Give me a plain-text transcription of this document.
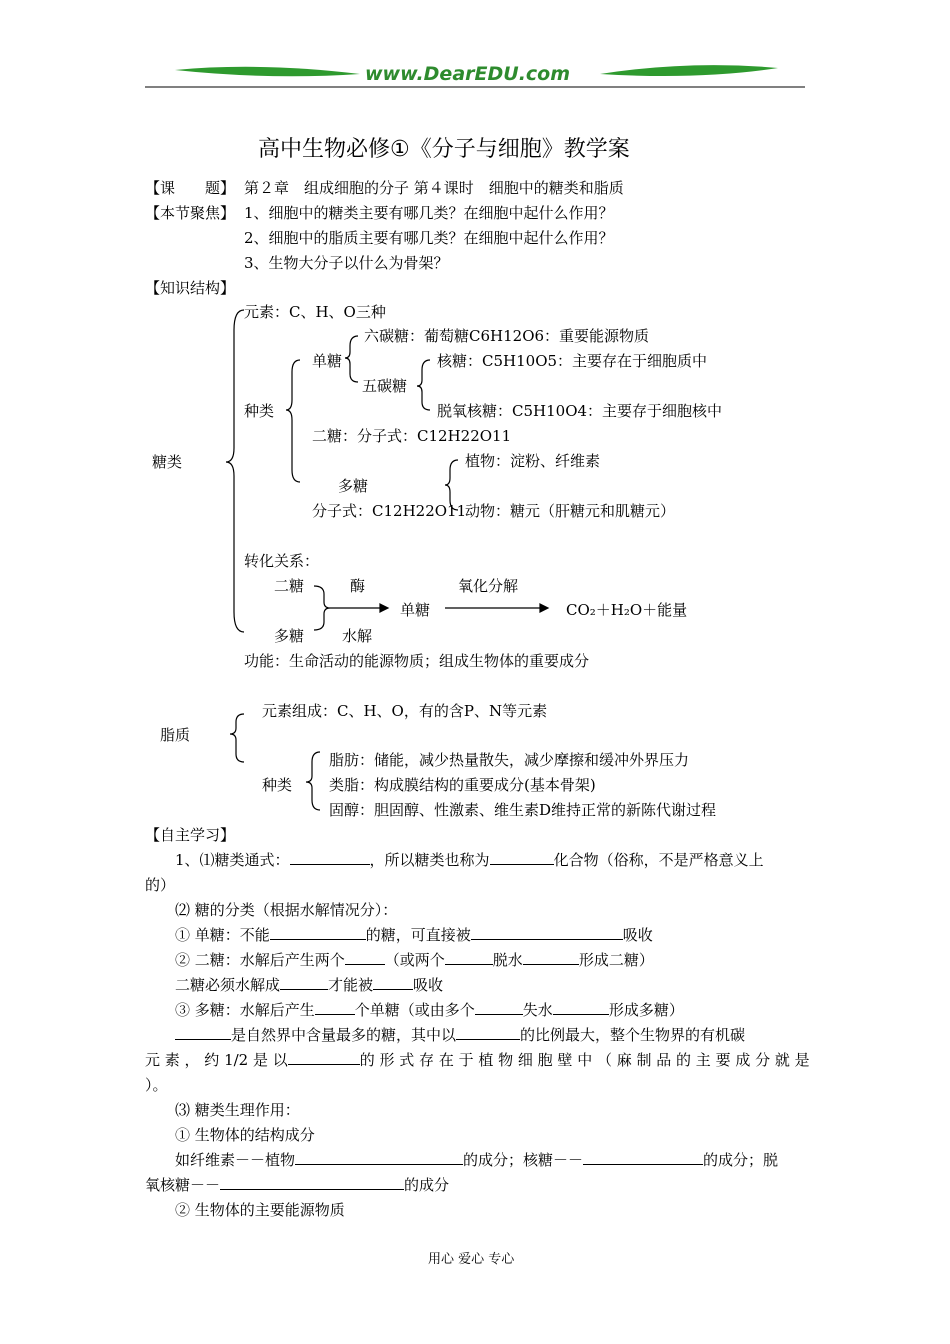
www.DearEDU.com
高中生物必修①《分子与细胞》教学案
【课　　题】 第２章　组成细胞的分子 第４课时　细胞中的糖类和脂质
【本节聚焦】 1、细胞中的糖类主要有哪几类？在细胞中起什么作用？
2、细胞中的脂质主要有哪几类？在细胞中起什么作用？
3、生物大分子以什么为骨架？
【知识结构】
糖类
元素：C、H、O三种
种类
单糖
六碳糖：葡萄糖C6H12O6：重要能源物质
五碳糖
核糖：C5H10O5：主要存在于细胞质中
脱氧核糖：C5H10O4：主要存于细胞核中
二糖：分子式：C12H22O11
多糖
分子式：C12H22O11
植物：淀粉、纤维素
动物：糖元（肝糖元和肌糖元）
转化关系：
二糖	酶	氧化分解
单糖	CO₂＋H₂O＋能量
多糖	水解
功能：生命活动的能源物质；组成生物体的重要成分
脂质
元素组成：C、H、O，有的含P、N等元素
种类
脂肪：储能，减少热量散失，减少摩擦和缓冲外界压力
类脂：构成膜结构的重要成分(基本骨架)
固醇：胆固醇、性激素、维生素D维持正常的新陈代谢过程
【自主学习】
1、⑴糖类通式：	，所以糖类也称为	化合物（俗称，不是严格意义上
的）
⑵ 糖的分类（根据水解情况分）：
① 单糖：不能	的糖，可直接被	吸收
② 二糖：水解后产生两个	（或两个	脱水	形成二糖）
二糖必须水解成	才能被	吸收
③ 多糖：水解后产生	个单糖（或由多个	失水	形成多糖）
是自然界中含量最多的糖，其中以	的比例最大，整个生物界的有机碳
元 素 ， 约 1/2 是 以	的 形 式 存 在 于 植 物 细 胞 壁 中 （ 麻 制 品 的 主 要 成 分 就 是
）。
⑶ 糖类生理作用：
① 生物体的结构成分
如纤维素－－植物	的成分；核糖－－	的成分；脱
氧核糖－－	的成分
② 生物体的主要能源物质
用心 爱心 专心
